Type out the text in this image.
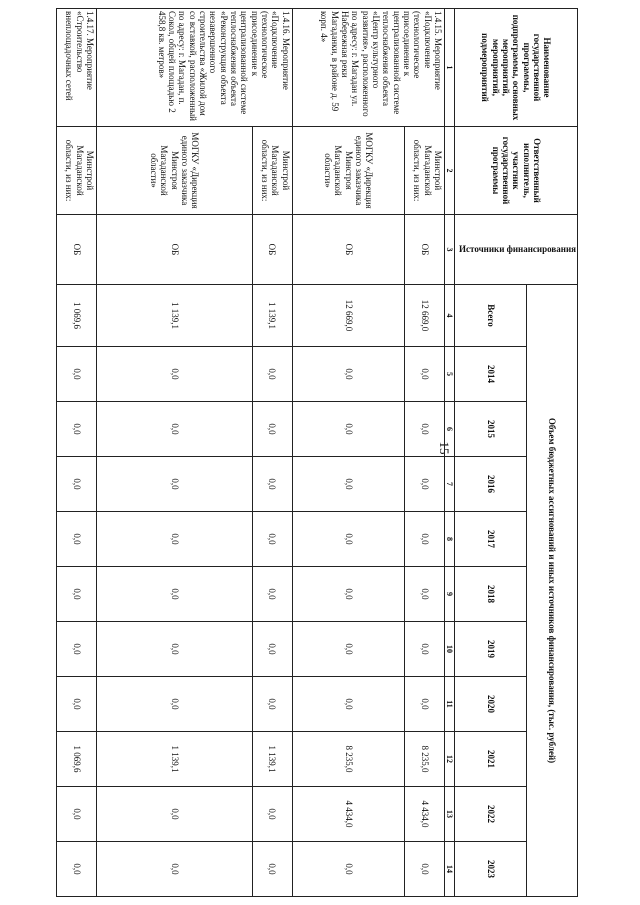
15
Наименование государственной программы, подпрограммы, основных мероприятий, мероприятий, подмероприятий	Ответственный исполнитель, участник государственной программы	Источники финансирования	Объем бюджетных ассигнований и иных источников финансирования, (тыс. рублей)										
			Всего	2014	2015	2016	2017	2018	2019	2020	2021	2022	2023
1	2	3	4	5	6	7	8	9	10	11	12	13	14
1.4.15. Мероприятие «Подключение (технологическое присоединение к централизованной системе теплоснабжения объекта «Центр культурного развития», расположенного по адресу: г. Магадан ул. Набережная реки Магаданки, в районе д. 59 корп. 4»	Минстрой Магаданской области, из них:	ОБ	12 669,0	0,0	0,0	0,0	0,0	0,0	0,0	0,0	8 235,0	4 434,0	0,0
	МОГКУ «Дирекция единого заказчика Минстроя Магаданской области»	ОБ	12 669,0	0,0	0,0	0,0	0,0	0,0	0,0	0,0	8 235,0	4 434,0	0,0
1.4.16. Мероприятие «Подключение (технологическое присоединение к централизованной системе теплоснабжения объекта «Реконструкция объекта незавершенного строительства «Жилой дом со вставкой, расположенный по адресу: г. Магадан, п. Сокол, общей площадью 2 458,8 кв. метров»	Минстрой Магаданской области, из них:	ОБ	1 139,1	0,0	0,0	0,0	0,0	0,0	0,0	0,0	1 139,1	0,0	0,0
	МОГКУ «Дирекция единого заказчика Минстроя Магаданской области»	ОБ	1 139,1	0,0	0,0	0,0	0,0	0,0	0,0	0,0	1 139,1	0,0	0,0
1.4.17. Мероприятие «Строительство внеплощадочных сетей	Минстрой Магаданской области, из них:	ОБ	1 069,6	0,0	0,0	0,0	0,0	0,0	0,0	0,0	1 069,6	0,0	0,0
